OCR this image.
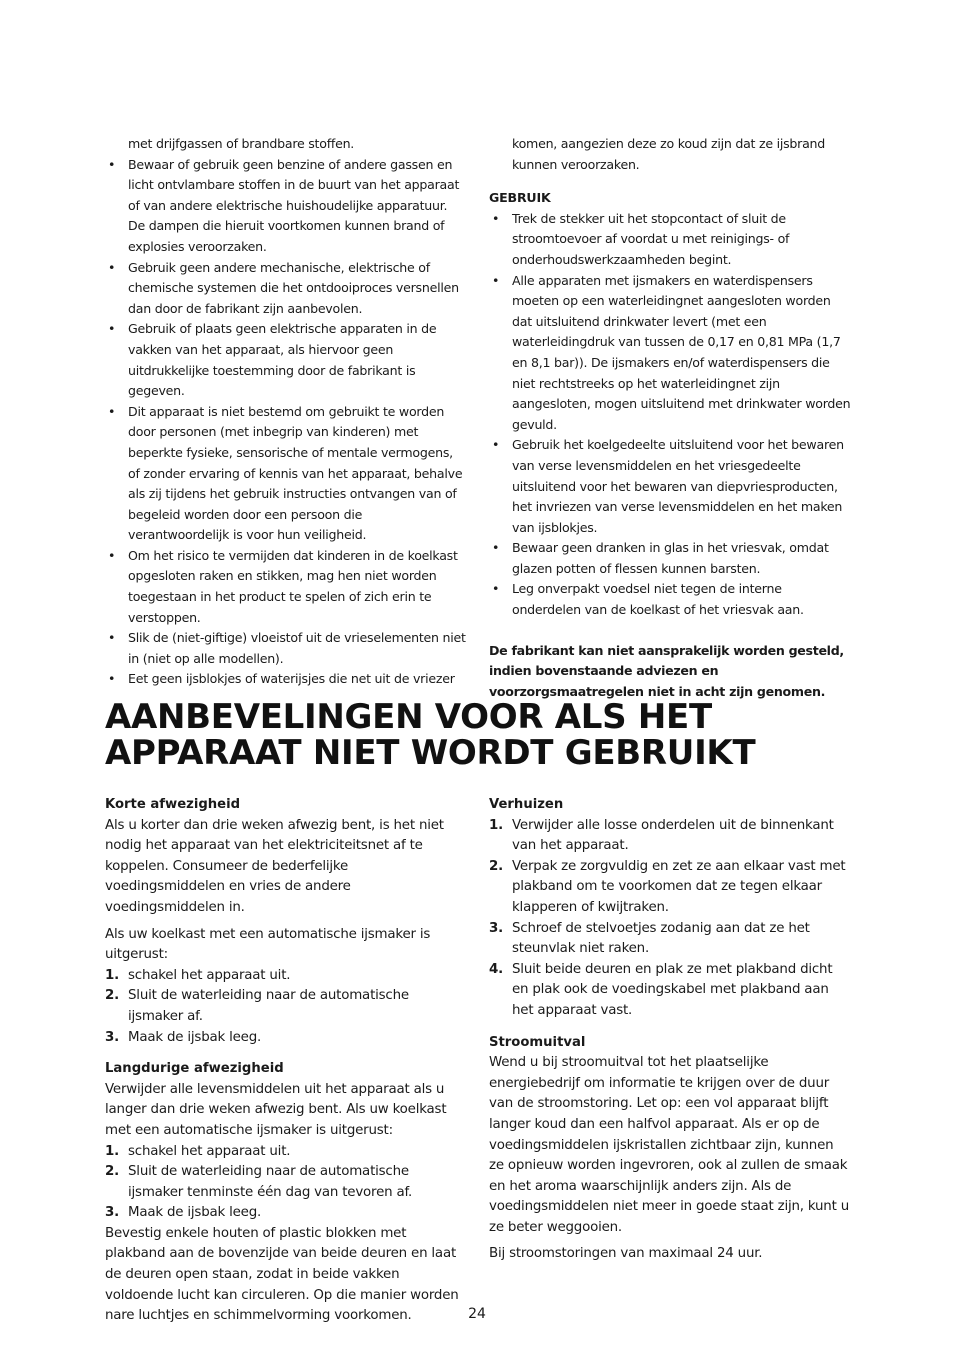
met drijfgassen of brandbare stoffen.

• Bewaar of gebruik geen benzine of andere gassen en licht ontvlambare stoffen in de buurt van het apparaat of van andere elektrische huishoudelijke apparatuur. De dampen die hieruit voortkomen kunnen brand of explosies veroorzaken.
• Gebruik geen andere mechanische, elektrische of chemische systemen die het ontdooiproces versnellen dan door de fabrikant zijn aanbevolen.
• Gebruik of plaats geen elektrische apparaten in de vakken van het apparaat, als hiervoor geen uitdrukkelijke toestemming door de fabrikant is gegeven.
• Dit apparaat is niet bestemd om gebruikt te worden door personen (met inbegrip van kinderen) met beperkte fysieke, sensorische of mentale vermogens, of zonder ervaring of kennis van het apparaat, behalve als zij tijdens het gebruik instructies ontvangen van of begeleid worden door een persoon die verantwoordelijk is voor hun veiligheid.
• Om het risico te vermijden dat kinderen in de koelkast opgesloten raken en stikken, mag hen niet worden toegestaan in het product te spelen of zich erin te verstoppen.
• Slik de (niet-giftige) vloeistof uit de vrieselementen niet in (niet op alle modellen).
• Eet geen ijsblokjes of waterijsjes die net uit de vriezer

komen, aangezien deze zo koud zijn dat ze ijsbrand kunnen veroorzaken.

GEBRUIK
• Trek de stekker uit het stopcontact of sluit de stroomtoevoer af voordat u met reinigings- of onderhoudswerkzaamheden begint.
• Alle apparaten met ijsmakers en waterdispensers moeten op een waterleidingnet aangesloten worden dat uitsluitend drinkwater levert (met een waterleidingdruk van tussen de 0,17 en 0,81 MPa (1,7 en 8,1 bar)). De ijsmakers en/of waterdispensers die niet rechtstreeks op het waterleidingnet zijn aangesloten, mogen uitsluitend met drinkwater worden gevuld.
• Gebruik het koelgedeelte uitsluitend voor het bewaren van verse levensmiddelen en het vriesgedeelte uitsluitend voor het bewaren van diepvriesproducten, het invriezen van verse levensmiddelen en het maken van ijsblokjes.
• Bewaar geen dranken in glas in het vriesvak, omdat glazen potten of flessen kunnen barsten.
• Leg onverpakt voedsel niet tegen de interne onderdelen van de koelkast of het vriesvak aan.

De fabrikant kan niet aansprakelijk worden gesteld, indien bovenstaande adviezen en voorzorgsmaatregelen niet in acht zijn genomen.

AANBEVELINGEN VOOR ALS HET
APPARAAT NIET WORDT GEBRUIKT
Korte afwezigheid

Als u korter dan drie weken afwezig bent, is het niet nodig het apparaat van het elektriciteitsnet af te koppelen. Consumeer de bederfelijke voedingsmiddelen en vries de andere voedingsmiddelen in.

Als uw koelkast met een automatische ijsmaker is uitgerust:

1. schakel het apparaat uit.
2. Sluit de waterleiding naar de automatische ijsmaker af.
3. Maak de ijsbak leeg.
Langdurige afwezigheid

Verwijder alle levensmiddelen uit het apparaat als u langer dan drie weken afwezig bent. Als uw koelkast met een automatische ijsmaker is uitgerust:

1. schakel het apparaat uit.
2. Sluit de waterleiding naar de automatische ijsmaker tenminste één dag van tevoren af.
3. Maak de ijsbak leeg.

Bevestig enkele houten of plastic blokken met plakband aan de bovenzijde van beide deuren en laat de deuren open staan, zodat in beide vakken voldoende lucht kan circuleren. Op die manier worden nare luchtjes en schimmelvorming voorkomen.

Verhuizen
1. Verwijder alle losse onderdelen uit de binnenkant van het apparaat.
2. Verpak ze zorgvuldig en zet ze aan elkaar vast met plakband om te voorkomen dat ze tegen elkaar klapperen of kwijtraken.
3. Schroef de stelvoetjes zodanig aan dat ze het steunvlak niet raken.
4. Sluit beide deuren en plak ze met plakband dicht en plak ook de voedingskabel met plakband aan het apparaat vast.
Stroomuitval

Wend u bij stroomuitval tot het plaatselijke energiebedrijf om informatie te krijgen over de duur van de stroomstoring. Let op: een vol apparaat blijft langer koud dan een halfvol apparaat. Als er op de voedingsmiddelen ijskristallen zichtbaar zijn, kunnen ze opnieuw worden ingevroren, ook al zullen de smaak en het aroma waarschijnlijk anders zijn. Als de voedingsmiddelen niet meer in goede staat zijn, kunt u ze beter weggooien.

Bij stroomstoringen van maximaal 24 uur.

24
